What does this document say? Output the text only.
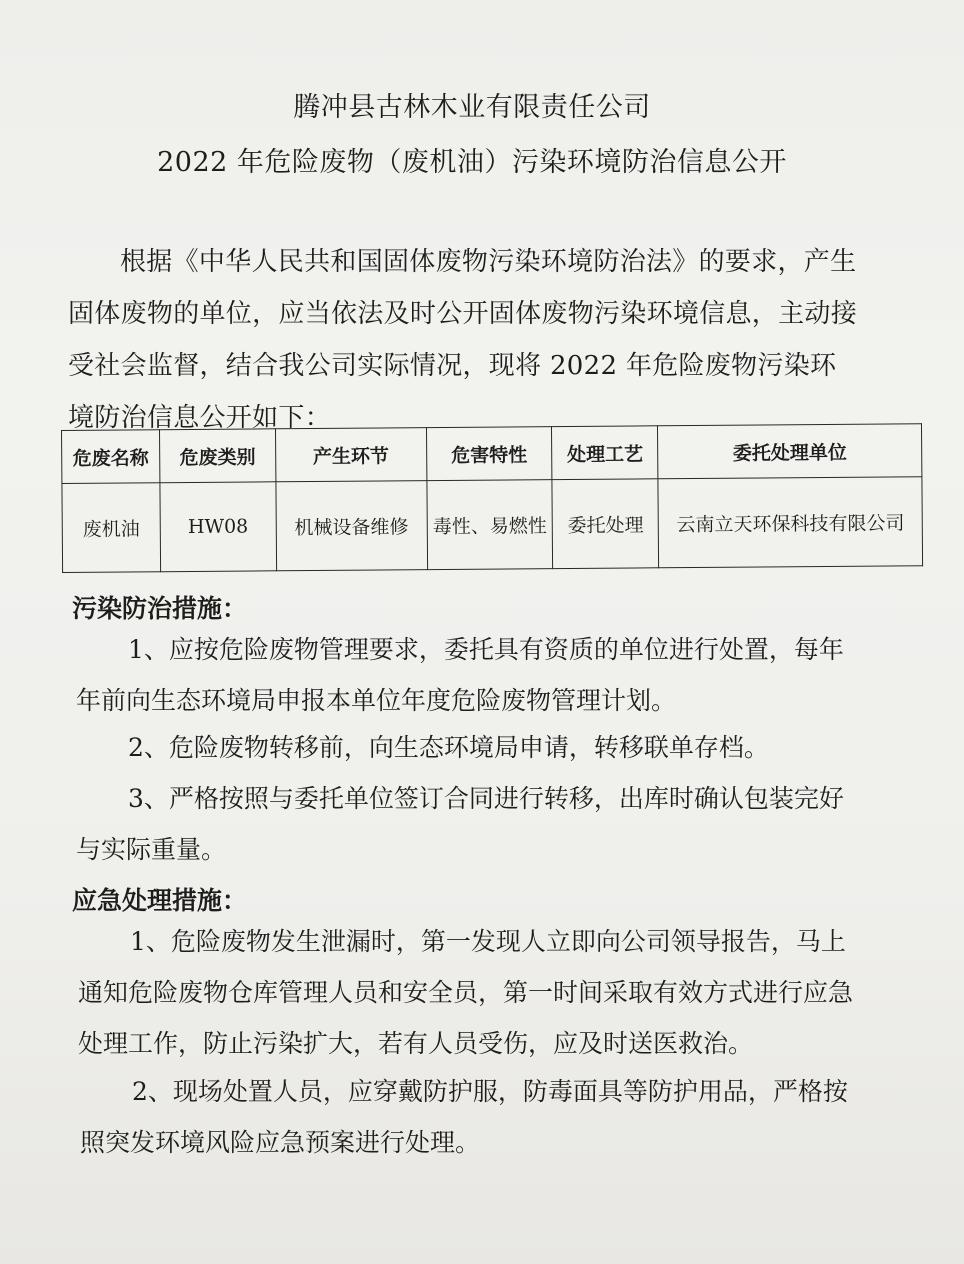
腾冲县古林木业有限责任公司
2022 年危险废物（废机油）污染环境防治信息公开
根据《中华人民共和国固体废物污染环境防治法》的要求，产生固体废物的单位，应当依法及时公开固体废物污染环境信息，主动接受社会监督，结合我公司实际情况，现将 2022 年危险废物污染环境防治信息公开如下：
危废名称	危废类别	产生环节	危害特性	处理工艺	委托处理单位
废机油	HW08	机械设备维修	毒性、易燃性	委托处理	云南立天环保科技有限公司
污染防治措施：
1、应按危险废物管理要求，委托具有资质的单位进行处置，每年年前向生态环境局申报本单位年度危险废物管理计划。
2、危险废物转移前，向生态环境局申请，转移联单存档。
3、严格按照与委托单位签订合同进行转移，出库时确认包装完好与实际重量。
应急处理措施：
1、危险废物发生泄漏时，第一发现人立即向公司领导报告，马上通知危险废物仓库管理人员和安全员，第一时间采取有效方式进行应急处理工作，防止污染扩大，若有人员受伤，应及时送医救治。
2、现场处置人员，应穿戴防护服，防毒面具等防护用品，严格按照突发环境风险应急预案进行处理。
